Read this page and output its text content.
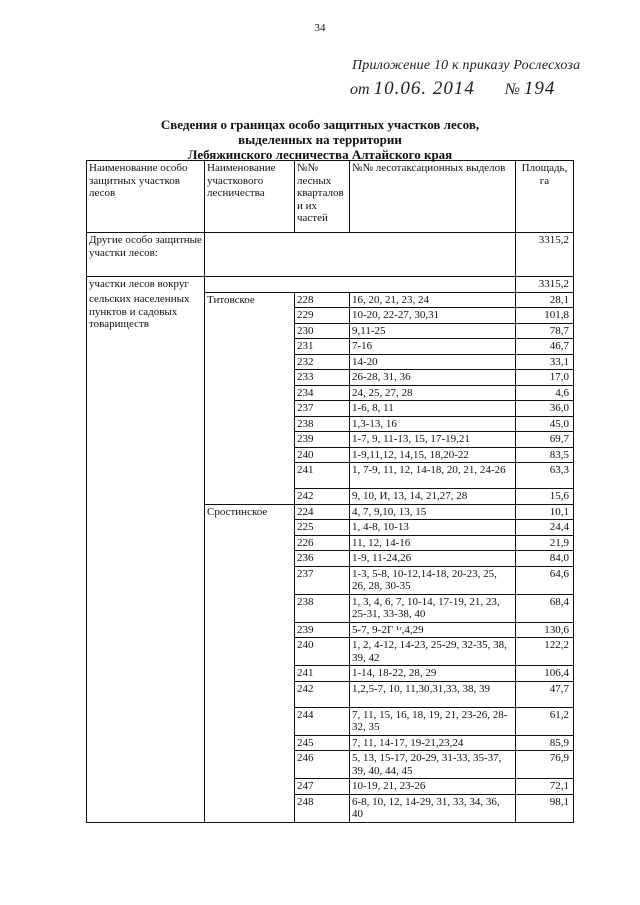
34
Приложение 10 к приказу Рослесхоза
от 10.06. 2014 № 194
Сведения о границах особо защитных участков лесов,
выделенных на территории
Лебяжинского лесничества Алтайского края
Наименование особо защитных участков лесов	Наименование участкового лесничества	№№ лесных кварталов и их частей	№№ лесотаксационных выделов	Площадь, га
Другие особо защитные участки лесов:				3315,2
участки лесов вокруг				3315,2
сельских населенных пунктов и садовых товариществ	Титовское	228	16, 20, 21, 23, 24	28,1
		229	10-20, 22-27, 30,31	101,8
		230	9,11-25	78,7
		231	7-16	46,7
		232	14-20	33,1
		233	26-28, 31, 36	17,0
		234	24, 25, 27, 28	4,6
		237	1-6, 8, 11	36,0
		238	1,3-13, 16	45,0
		239	1-7, 9, 11-13, 15, 17-19,21	69,7
		240	1-9,11,12, 14,15, 18,20-22	83,5
		241	1, 7-9, 11, 12, 14-18, 20, 21, 24-26	63,3
		242	9, 10, И, 13, 14, 21,27, 28	15,6
	Сростинское	224	4, 7, 9,10, 13, 15	10,1
		225	1, 4-8, 10-13	24,4
		226	11, 12, 14-16	21,9
		236	1-9, 11-24,26	84,0
		237	1-3, 5-8, 10-12,14-18, 20-23, 25, 26, 28, 30-35	64,6
		238	1, 3, 4, 6, 7, 10-14, 17-19, 21, 23, 25-31, 33-38, 40	68,4
		239	5-7, 9-2Г ¹ʳ,4,29	130,6
		240	1, 2, 4-12, 14-23, 25-29, 32-35, 38, 39, 42	122,2
		241	1-14, 18-22, 28, 29	106,4
		242	1,2,5-7, 10, 11,30,31,33, 38, 39	47,7
		244	7, 11, 15, 16, 18, 19, 21, 23-26, 28-32, 35	61,2
		245	7, 11, 14-17, 19-21,23,24	85,9
		246	5, 13, 15-17, 20-29, 31-33, 35-37, 39, 40, 44, 45	76,9
		247	10-19, 21, 23-26	72,1
		248	6-8, 10, 12, 14-29, 31, 33, 34, 36, 40	98,1
